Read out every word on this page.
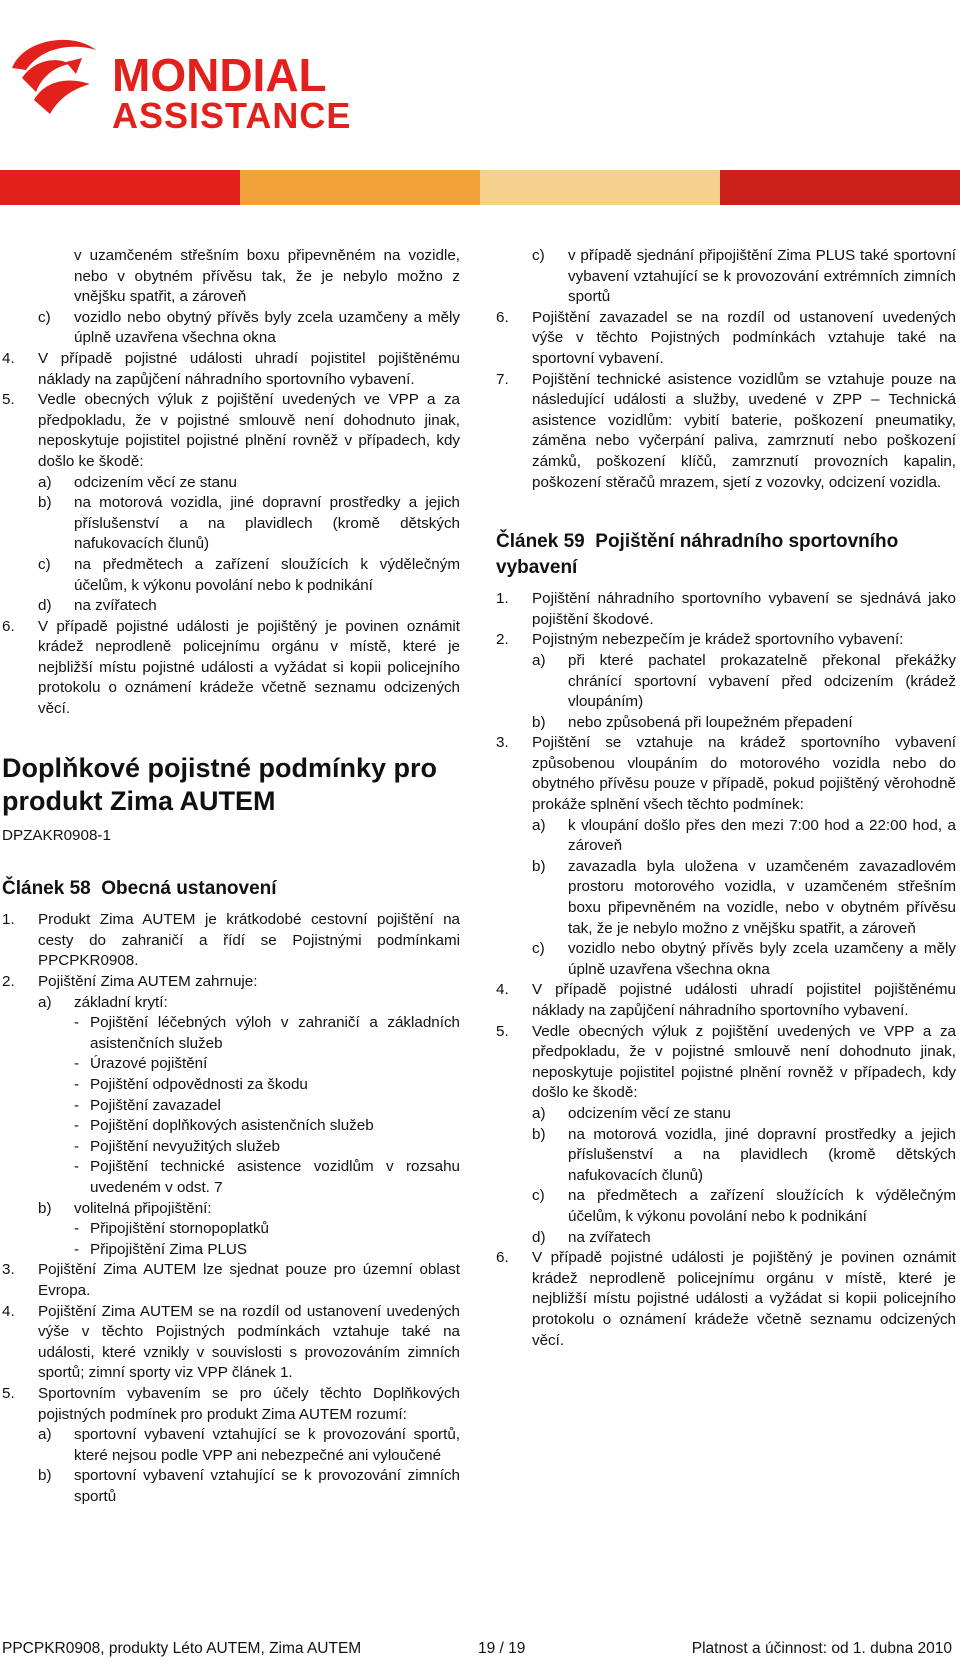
MONDIAL
ASSISTANCE

v uzamčeném střešním boxu připevněném na vozidle, nebo v obytném přívěsu tak, že je nebylo možno z vnějšku spatřit, a zároveň

c) vozidlo nebo obytný přívěs byly zcela uzamčeny a měly úplně uzavřena všechna okna
4. V případě pojistné události uhradí pojistitel pojištěnému náklady na zapůjčení náhradního sportovního vybavení.
5. Vedle obecných výluk z pojištění uvedených ve VPP a za předpokladu, že v pojistné smlouvě není dohodnuto jinak, neposkytuje pojistitel pojistné plnění rovněž v případech, kdy došlo ke škodě:
a) odcizením věcí ze stanu
b) na motorová vozidla, jiné dopravní prostředky a jejich příslušenství a na plavidlech (kromě dětských nafukovacích člunů)
c) na předmětech a zařízení sloužících k výdělečným účelům, k výkonu povolání nebo k podnikání
d) na zvířatech
6. V případě pojistné události je pojištěný je povinen oznámit krádež neprodleně policejnímu orgánu v místě, které je nejbližší místu pojistné události a vyžádat si kopii policejního protokolu o oznámení krádeže včetně seznamu odcizených věcí.
Doplňkové pojistné podmínky pro produkt Zima AUTEM

DPZAKR0908-1

Článek 58  Obecná ustanovení
1. Produkt Zima AUTEM je krátkodobé cestovní pojištění na cesty do zahraničí a řídí se Pojistnými podmínkami PPCPKR0908.
2. Pojištění Zima AUTEM zahrnuje:
a) základní krytí:
- Pojištění léčebných výloh v zahraničí a základních asistenčních služeb
- Úrazové pojištění
- Pojištění odpovědnosti za škodu
- Pojištění zavazadel
- Pojištění doplňkových asistenčních služeb
- Pojištění nevyužitých služeb
- Pojištění technické asistence vozidlům v rozsahu uvedeném v odst. 7
b) volitelná připojištění:
- Připojištění stornopoplatků
- Připojištění Zima PLUS
3. Pojištění Zima AUTEM lze sjednat pouze pro územní oblast Evropa.
4. Pojištění Zima AUTEM se na rozdíl od ustanovení uvedených výše v těchto Pojistných podmínkách vztahuje také na události, které vznikly v souvislosti s provozováním zimních sportů; zimní sporty viz VPP článek 1.
5. Sportovním vybavením se pro účely těchto Doplňkových pojistných podmínek pro produkt Zima AUTEM rozumí:
a) sportovní vybavení vztahující se k provozování sportů, které nejsou podle VPP ani nebezpečné ani vyloučené
b) sportovní vybavení vztahující se k provozování zimních sportů
c) v případě sjednání připojištění Zima PLUS také sportovní vybavení vztahující se k provozování extrémních zimních sportů
6. Pojištění zavazadel se na rozdíl od ustanovení uvedených výše v těchto Pojistných podmínkách vztahuje také na sportovní vybavení.
7. Pojištění technické asistence vozidlům se vztahuje pouze na následující události a služby, uvedené v ZPP – Technická asistence vozidlům: vybití baterie, poškození pneumatiky, záměna nebo vyčerpání paliva, zamrznutí nebo poškození zámků, poškození klíčů, zamrznutí provozních kapalin, poškození stěračů mrazem, sjetí z vozovky, odcizení vozidla.
Článek 59  Pojištění náhradního sportovního vybavení
1. Pojištění náhradního sportovního vybavení se sjednává jako pojištění škodové.
2. Pojistným nebezpečím je krádež sportovního vybavení:
a) při které pachatel prokazatelně překonal překážky chránící sportovní vybavení před odcizením (krádež vloupáním)
b) nebo způsobená při loupežném přepadení
3. Pojištění se vztahuje na krádež sportovního vybavení způsobenou vloupáním do motorového vozidla nebo do obytného přívěsu pouze v případě, pokud pojištěný věrohodně prokáže splnění všech těchto podmínek:
a) k vloupání došlo přes den mezi 7:00 hod a 22:00 hod, a zároveň
b) zavazadla byla uložena v uzamčeném zavazadlovém prostoru motorového vozidla, v uzamčeném střešním boxu připevněném na vozidle, nebo v obytném přívěsu tak, že je nebylo možno z vnějšku spatřit, a zároveň
c) vozidlo nebo obytný přívěs byly zcela uzamčeny a měly úplně uzavřena všechna okna
4. V případě pojistné události uhradí pojistitel pojištěnému náklady na zapůjčení náhradního sportovního vybavení.
5. Vedle obecných výluk z pojištění uvedených ve VPP a za předpokladu, že v pojistné smlouvě není dohodnuto jinak, neposkytuje pojistitel pojistné plnění rovněž v případech, kdy došlo ke škodě:
a) odcizením věcí ze stanu
b) na motorová vozidla, jiné dopravní prostředky a jejich příslušenství a na plavidlech (kromě dětských nafukovacích člunů)
c) na předmětech a zařízení sloužících k výdělečným účelům, k výkonu povolání nebo k podnikání
d) na zvířatech
6. V případě pojistné události je pojištěný je povinen oznámit krádež neprodleně policejnímu orgánu v místě, které je nejbližší místu pojistné události a vyžádat si kopii policejního protokolu o oznámení krádeže včetně seznamu odcizených věcí.
PPCPKR0908, produkty Léto AUTEM, Zima AUTEM	19 / 19	Platnost a účinnost: od 1. dubna 2010
